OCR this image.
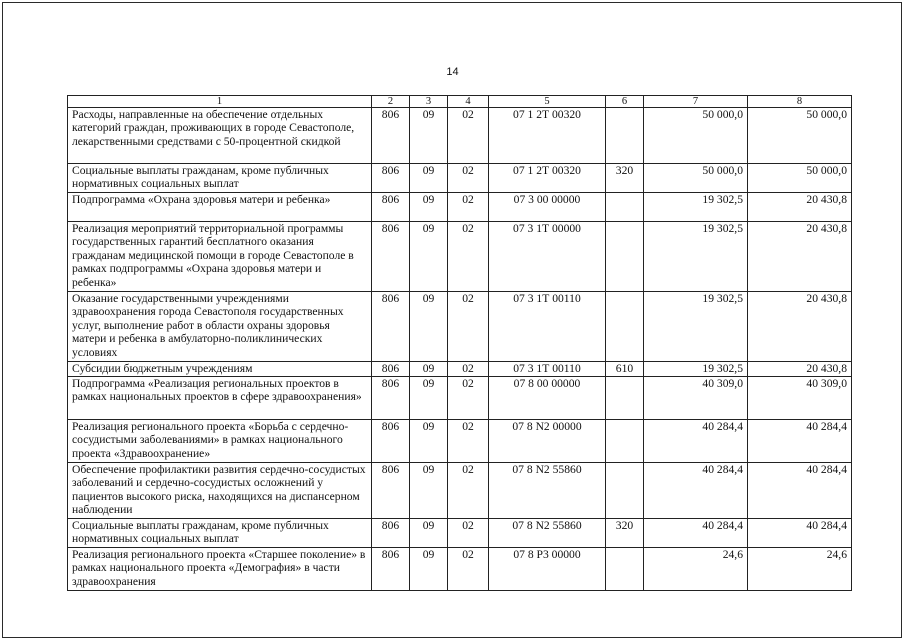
14
1	2	3	4	5	6	7	8
Расходы, направленные на обеспечение отдельных категорий граждан, проживающих в городе Севастополе, лекарственными средствами с 50-процентной скидкой	806	09	02	07 1 2Т 00320		50 000,0	50 000,0
Социальные выплаты гражданам, кроме публичных нормативных социальных выплат	806	09	02	07 1 2Т 00320	320	50 000,0	50 000,0
Подпрограмма «Охрана здоровья матери и ребенка»	806	09	02	07 3 00 00000		19 302,5	20 430,8
Реализация мероприятий территориальной программы государственных гарантий бесплатного оказания гражданам медицинской помощи в городе Севастополе в рамках подпрограммы «Охрана здоровья матери и ребенка»	806	09	02	07 3 1Т 00000		19 302,5	20 430,8
Оказание государственными учреждениями здравоохранения города Севастополя государственных услуг, выполнение работ в области охраны здоровья матери и ребенка в амбулаторно-поликлинических условиях	806	09	02	07 3 1Т 00110		19 302,5	20 430,8
Субсидии бюджетным учреждениям	806	09	02	07 3 1Т 00110	610	19 302,5	20 430,8
Подпрограмма «Реализация региональных проектов в рамках национальных проектов в сфере здравоохранения»	806	09	02	07 8 00 00000		40 309,0	40 309,0
Реализация регионального проекта «Борьба с сердечно-сосудистыми заболеваниями» в рамках национального проекта «Здравоохранение»	806	09	02	07 8 N2 00000		40 284,4	40 284,4
Обеспечение профилактики развития сердечно-сосудистых заболеваний и сердечно-сосудистых осложнений у пациентов высокого риска, находящихся на диспансерном наблюдении	806	09	02	07 8 N2 55860		40 284,4	40 284,4
Социальные выплаты гражданам, кроме публичных нормативных социальных выплат	806	09	02	07 8 N2 55860	320	40 284,4	40 284,4
Реализация регионального проекта «Старшее поколение» в рамках национального проекта «Демография» в части здравоохранения	806	09	02	07 8 Р3 00000		24,6	24,6
